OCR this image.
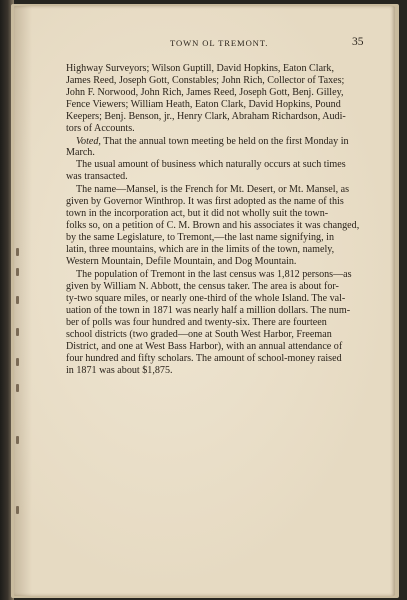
TOWN OL TREMONT.	35
Highway Surveyors; Wilson Guptill, David Hopkins, Eaton Clark,
James Reed, Joseph Gott, Constables; John Rich, Collector of Taxes;
John F. Norwood, John Rich, James Reed, Joseph Gott, Benj. Gilley,
Fence Viewers; William Heath, Eaton Clark, David Hopkins, Pound
Keepers; Benj. Benson, jr., Henry Clark, Abraham Richardson, Audi-
tors of Accounts.
Voted, That the annual town meeting be held on the first Monday in
March.
The usual amount of business which naturally occurs at such times
was transacted.
The name—Mansel, is the French for Mt. Desert, or Mt. Mansel, as
given by Governor Winthrop. It was first adopted as the name of this
town in the incorporation act, but it did not wholly suit the town-
folks so, on a petition of C. M. Brown and his associates it was changed,
by the same Legislature, to Tremont,—the last name signifying, in
latin, three mountains, which are in the limits of the town, namely,
Western Mountain, Defile Mountain, and Dog Mountain.
The population of Tremont in the last census was 1,812 persons—as
given by William N. Abbott, the census taker. The area is about for-
ty-two square miles, or nearly one-third of the whole Island. The val-
uation of the town in 1871 was nearly half a million dollars. The num-
ber of polls was four hundred and twenty-six. There are fourteen
school districts (two graded—one at South West Harbor, Freeman
District, and one at West Bass Harbor), with an annual attendance of
four hundred and fifty scholars. The amount of school-money raised
in 1871 was about $1,875.
